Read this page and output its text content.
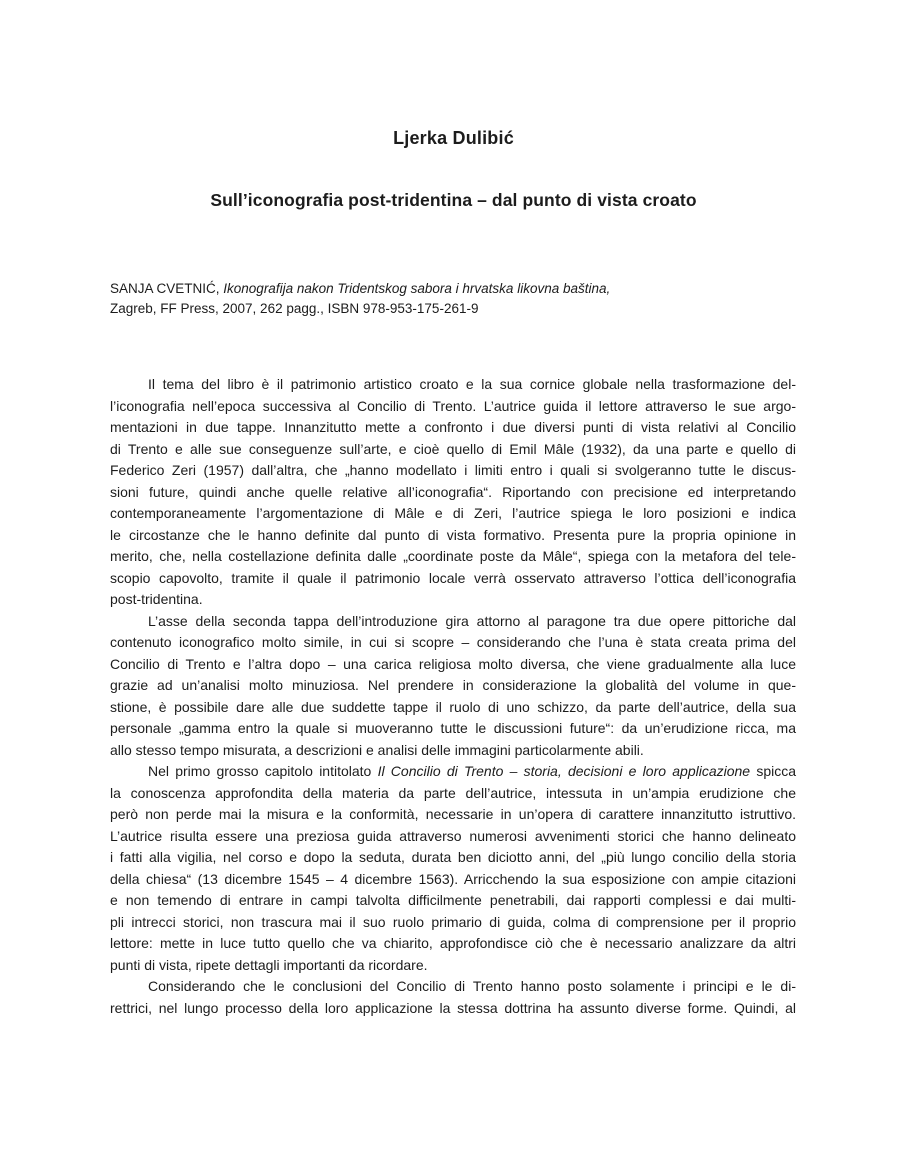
Ljerka Dulibić
Sull’iconografia post-tridentina – dal punto di vista croato
SANJA CVETNIĆ, Ikonografija nakon Tridentskog sabora i hrvatska likovna baština,
Zagreb, FF Press, 2007, 262 pagg., ISBN 978-953-175-261-9
Il tema del libro è il patrimonio artistico croato e la sua cornice globale nella trasformazione del-
l’iconografia nell’epoca successiva al Concilio di Trento. L’autrice guida il lettore attraverso le sue argo-
mentazioni in due tappe. Innanzitutto mette a confronto i due diversi punti di vista relativi al Concilio
di Trento e alle sue conseguenze sull’arte, e cioè quello di Emil Mâle (1932), da una parte e quello di
Federico Zeri (1957) dall’altra, che „hanno modellato i limiti entro i quali si svolgeranno tutte le discus-
sioni future, quindi anche quelle relative all’iconografia“. Riportando con precisione ed interpretando
contemporaneamente l’argomentazione di Mâle e di Zeri, l’autrice spiega le loro posizioni e indica
le circostanze che le hanno definite dal punto di vista formativo. Presenta pure la propria opinione in
merito, che, nella costellazione definita dalle „coordinate poste da Mâle“, spiega con la metafora del tele-
scopio capovolto, tramite il quale il patrimonio locale verrà osservato attraverso l’ottica dell’iconografia
post-tridentina.
L’asse della seconda tappa dell’introduzione gira attorno al paragone tra due opere pittoriche dal
contenuto iconografico molto simile, in cui si scopre – considerando che l’una è stata creata prima del
Concilio di Trento e l’altra dopo – una carica religiosa molto diversa, che viene gradualmente alla luce
grazie ad un’analisi molto minuziosa. Nel prendere in considerazione la globalità del volume in que-
stione, è possibile dare alle due suddette tappe il ruolo di uno schizzo, da parte dell’autrice, della sua
personale „gamma entro la quale si muoveranno tutte le discussioni future“: da un’erudizione ricca, ma
allo stesso tempo misurata, a descrizioni e analisi delle immagini particolarmente abili.
Nel primo grosso capitolo intitolato Il Concilio di Trento – storia, decisioni e loro applicazione spicca
la conoscenza approfondita della materia da parte dell’autrice, intessuta in un’ampia erudizione che
però non perde mai la misura e la conformità, necessarie in un’opera di carattere innanzitutto istruttivo.
L’autrice risulta essere una preziosa guida attraverso numerosi avvenimenti storici che hanno delineato
i fatti alla vigilia, nel corso e dopo la seduta, durata ben diciotto anni, del „più lungo concilio della storia
della chiesa“ (13 dicembre 1545 – 4 dicembre 1563). Arricchendo la sua esposizione con ampie citazioni
e non temendo di entrare in campi talvolta difficilmente penetrabili, dai rapporti complessi e dai multi-
pli intrecci storici, non trascura mai il suo ruolo primario di guida, colma di comprensione per il proprio
lettore: mette in luce tutto quello che va chiarito, approfondisce ciò che è necessario analizzare da altri
punti di vista, ripete dettagli importanti da ricordare.
Considerando che le conclusioni del Concilio di Trento hanno posto solamente i principi e le di-
rettrici, nel lungo processo della loro applicazione la stessa dottrina ha assunto diverse forme. Quindi, al
